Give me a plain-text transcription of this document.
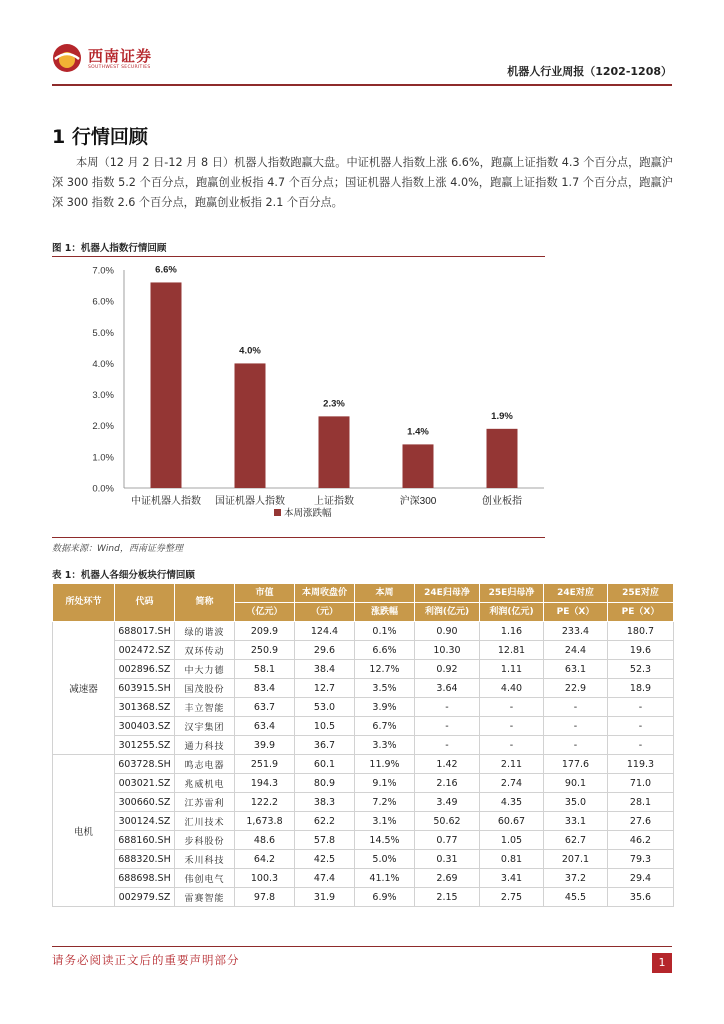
西南证券
SOUTHWEST SECURITIES	机器人行业周报（1202-1208）
1 行情回顾

本周（12 月 2 日-12 月 8 日）机器人指数跑赢大盘。中证机器人指数上涨 6.6%，跑赢上证指数 4.3 个百分点，跑赢沪深 300 指数 5.2 个百分点，跑赢创业板指 4.7 个百分点；国证机器人指数上涨 4.0%，跑赢上证指数 1.7 个百分点，跑赢沪深 300 指数 2.6 个百分点，跑赢创业板指 2.1 个百分点。

图 1：机器人指数行情回顾
0.0%
1.0%
2.0%
3.0%
4.0%
5.0%
6.0%
7.0%	6.6%
中证机器人指数
4.0%
国证机器人指数
2.3%
上证指数
1.4%
沪深300
1.9%
创业板指
本周涨跌幅
数据来源：Wind，西南证券整理
表 1：机器人各细分板块行情回顾
所处环节	代码	简称	市值	本周收盘价	本周	24E归母净	25E归母净	24E对应	25E对应
			（亿元）	（元）	涨跌幅	利润(亿元)	利润(亿元)	PE（X）	PE（X）
减速器	688017.SH	绿的谐波	209.9	124.4	0.1%	0.90	1.16	233.4	180.7
	002472.SZ	双环传动	250.9	29.6	6.6%	10.30	12.81	24.4	19.6
	002896.SZ	中大力德	58.1	38.4	12.7%	0.92	1.11	63.1	52.3
	603915.SH	国茂股份	83.4	12.7	3.5%	3.64	4.40	22.9	18.9
	301368.SZ	丰立智能	63.7	53.0	3.9%	-	-	-	-
	300403.SZ	汉宇集团	63.4	10.5	6.7%	-	-	-	-
	301255.SZ	通力科技	39.9	36.7	3.3%	-	-	-	-
电机	603728.SH	鸣志电器	251.9	60.1	11.9%	1.42	2.11	177.6	119.3
	003021.SZ	兆威机电	194.3	80.9	9.1%	2.16	2.74	90.1	71.0
	300660.SZ	江苏雷利	122.2	38.3	7.2%	3.49	4.35	35.0	28.1
	300124.SZ	汇川技术	1,673.8	62.2	3.1%	50.62	60.67	33.1	27.6
	688160.SH	步科股份	48.6	57.8	14.5%	0.77	1.05	62.7	46.2
	688320.SH	禾川科技	64.2	42.5	5.0%	0.31	0.81	207.1	79.3
	688698.SH	伟创电气	100.3	47.4	41.1%	2.69	3.41	37.2	29.4
	002979.SZ	雷赛智能	97.8	31.9	6.9%	2.15	2.75	45.5	35.6
请务必阅读正文后的重要声明部分	1
